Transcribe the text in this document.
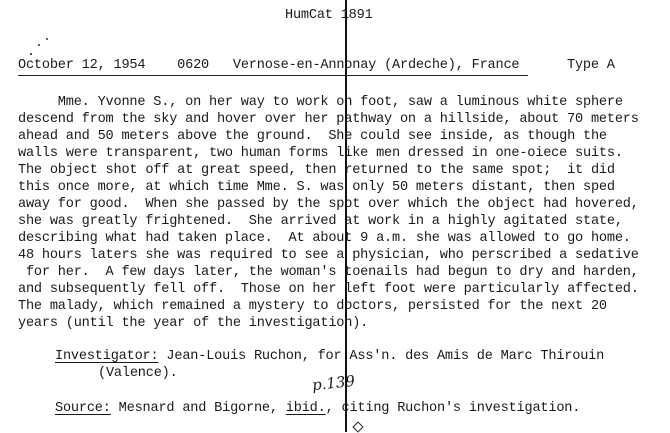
HumCat 1891
October 12, 1954 0620 Vernose-en-Annonay (Ardeche), France	Type A
Mme. Yvonne S., on her way to work on foot, saw a luminous white sphere
descend from the sky and hover over her pathway on a hillside, about 70 meters
ahead and 50 meters above the ground.  She could see inside, as though the
walls were transparent, two human forms like men dressed in one-oiece suits.
The object shot off at great speed, then returned to the same spot;  it did
this once more, at which time Mme. S. was only 50 meters distant, then sped
away for good.  When she passed by the spot over which the object had hovered,
she was greatly frightened.  She arrived at work in a highly agitated state,
describing what had taken place.  At about 9 a.m. she was allowed to go home.
48 hours laters she was required to see a physician, who perscribed a sedative
for her.  A few days later, the woman's toenails had begun to dry and harden,
and subsequently fell off.  Those on her left foot were particularly affected.
The malady, which remained a mystery to doctors, persisted for the next 20
years (until the year of the investigation).
Investigator: Jean-Louis Ruchon, for Ass'n. des Amis de Marc Thirouin
(Valence).	p.139
Source: Mesnard and Bigorne, ibid., citing Ruchon's investigation.
